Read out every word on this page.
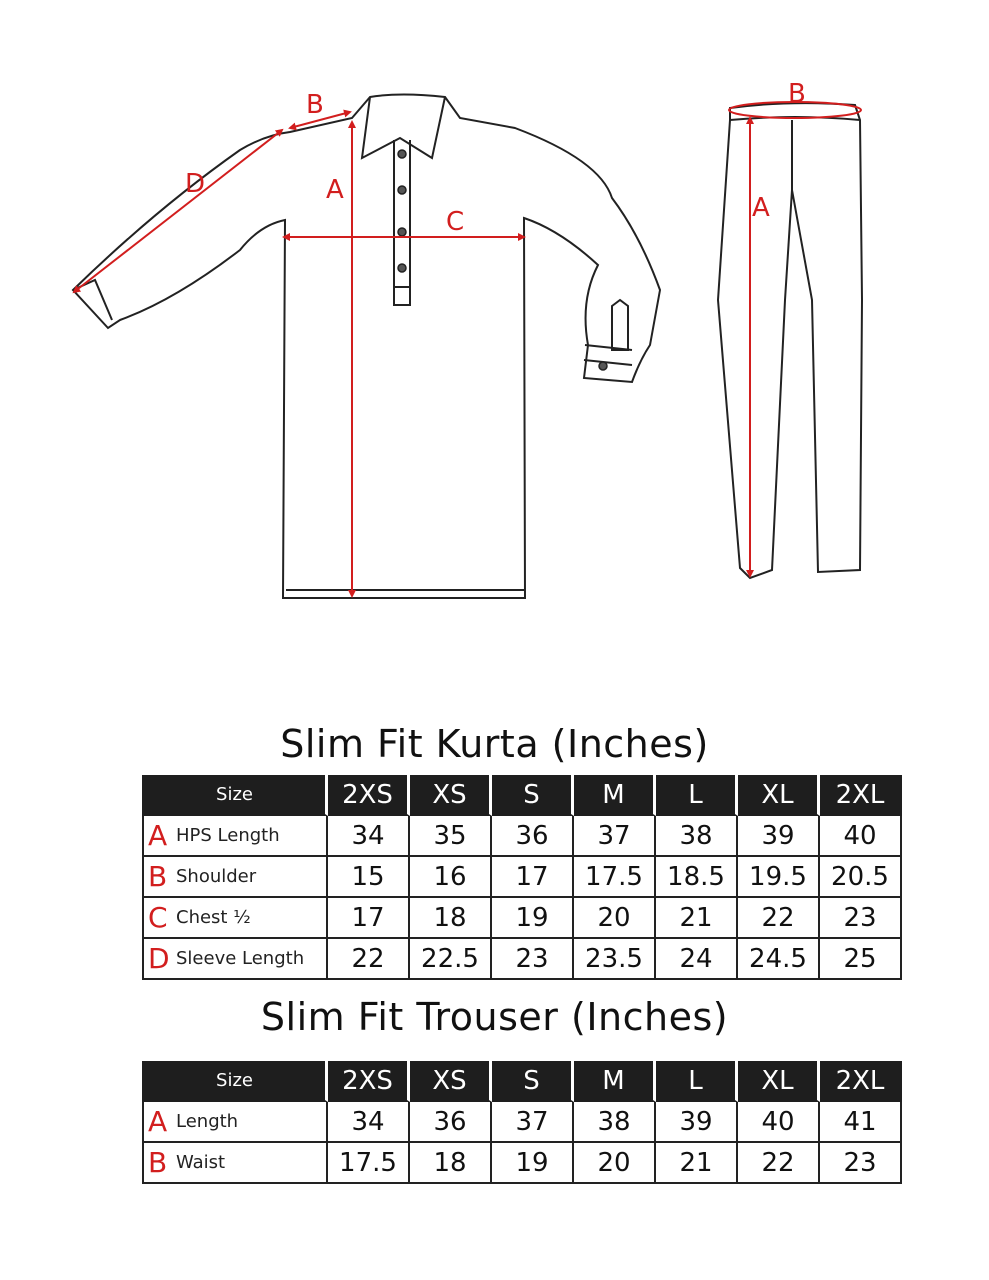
A
B
C
D
A
B
Slim Fit Kurta (Inches)
Size	2XS	XS	S	M	L	XL	2XL
A HPS Length	34	35	36	37	38	39	40
B Shoulder	15	16	17	17.5 18.5 19.5 20.5
C Chest ½	17	18	19	20	21	22	23
D Sleeve Length	22	22.5	23	23.5	24	24.5	25
Slim Fit Trouser (Inches)
Size	2XS	XS	S	M	L	XL	2XL
A Length	34	36	37	38	39	40	41
B Waist	17.5	18	19	20	21	22	23
